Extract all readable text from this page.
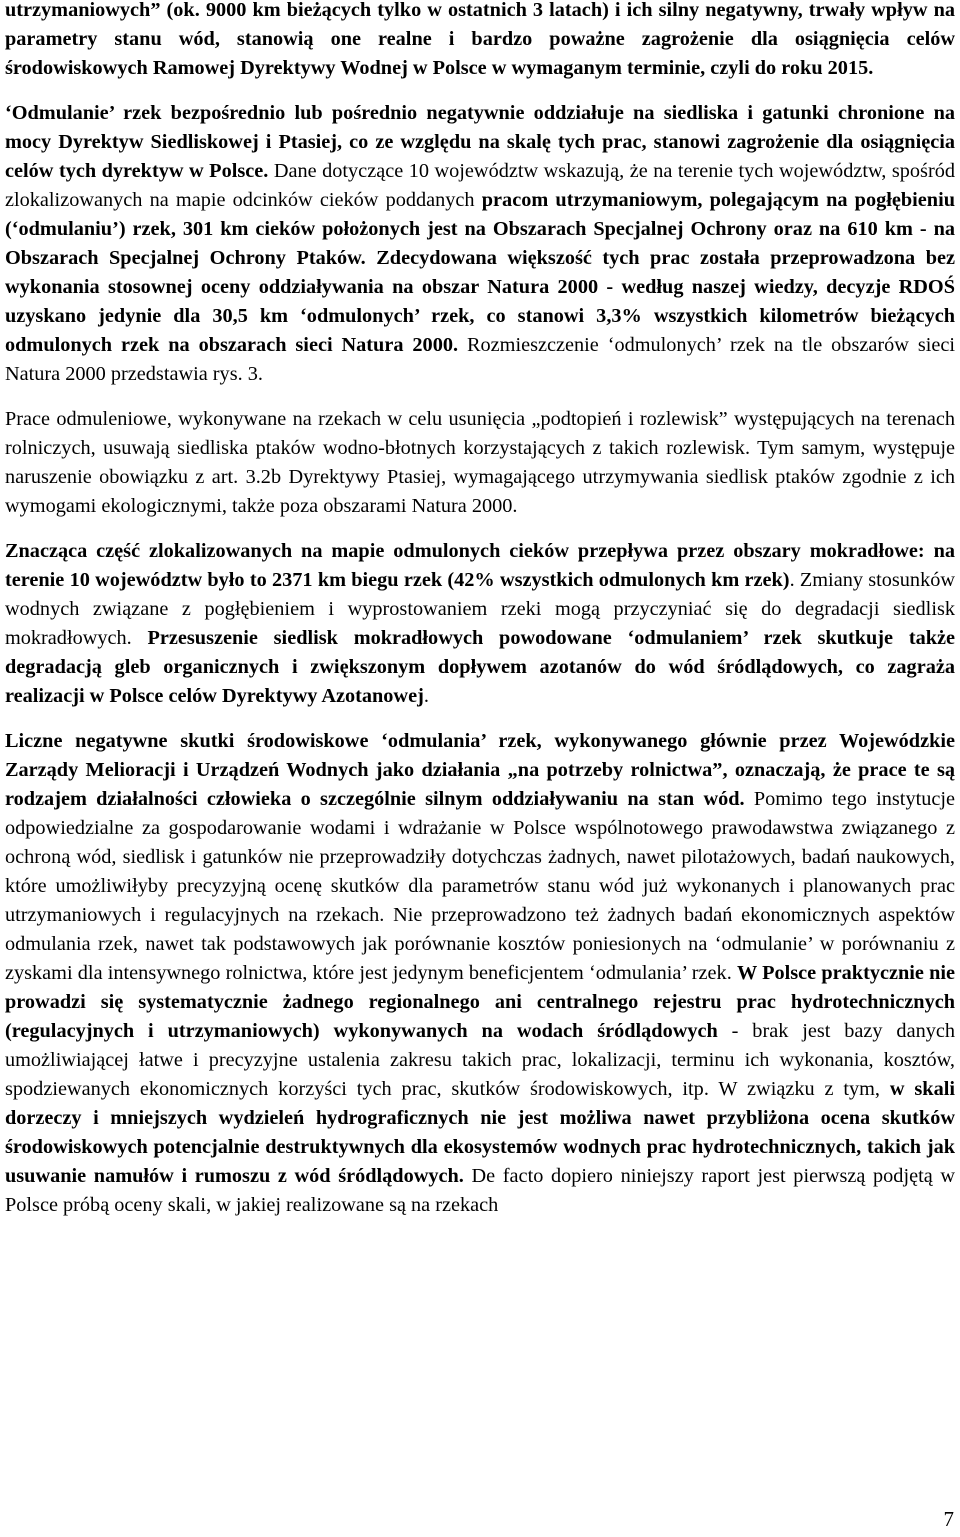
utrzymaniowych” (ok. 9000 km bieżących tylko w ostatnich 3 latach) i ich silny negatywny, trwały wpływ na parametry stanu wód, stanowią one realne i bardzo poważne zagrożenie dla osiągnięcia celów środowiskowych Ramowej Dyrektywy Wodnej w Polsce w wymaganym terminie, czyli do roku 2015.

‘Odmulanie’ rzek bezpośrednio lub pośrednio negatywnie oddziałuje na siedliska i gatunki chronione na mocy Dyrektyw Siedliskowej i Ptasiej, co ze względu na skalę tych prac, stanowi zagrożenie dla osiągnięcia celów tych dyrektyw w Polsce. Dane dotyczące 10 województw wskazują, że na terenie tych województw, spośród zlokalizowanych na mapie odcinków cieków poddanych pracom utrzymaniowym, polegającym na pogłębieniu (‘odmulaniu’) rzek, 301 km cieków położonych jest na Obszarach Specjalnej Ochrony oraz na 610 km - na Obszarach Specjalnej Ochrony Ptaków. Zdecydowana większość tych prac została przeprowadzona bez wykonania stosownej oceny oddziaływania na obszar Natura 2000 - według naszej wiedzy, decyzje RDOŚ uzyskano jedynie dla 30,5 km ‘odmulonych’ rzek, co stanowi 3,3% wszystkich kilometrów bieżących odmulonych rzek na obszarach sieci Natura 2000. Rozmieszczenie ‘odmulonych’ rzek na tle obszarów sieci Natura 2000 przedstawia rys. 3.

Prace odmuleniowe, wykonywane na rzekach w celu usunięcia „podtopień i rozlewisk” występujących na terenach rolniczych, usuwają siedliska ptaków wodno-błotnych korzystających z takich rozlewisk. Tym samym, występuje naruszenie obowiązku z art. 3.2b Dyrektywy Ptasiej, wymagającego utrzymywania siedlisk ptaków zgodnie z ich wymogami ekologicznymi, także poza obszarami Natura 2000.

Znacząca część zlokalizowanych na mapie odmulonych cieków przepływa przez obszary mokradłowe: na terenie 10 województw było to 2371 km biegu rzek (42% wszystkich odmulonych km rzek). Zmiany stosunków wodnych związane z pogłębieniem i wyprostowaniem rzeki mogą przyczyniać się do degradacji siedlisk mokradłowych. Przesuszenie siedlisk mokradłowych powodowane ‘odmulaniem’ rzek skutkuje także degradacją gleb organicznych i zwiększonym dopływem azotanów do wód śródlądowych, co zagraża realizacji w Polsce celów Dyrektywy Azotanowej.

Liczne negatywne skutki środowiskowe ‘odmulania’ rzek, wykonywanego głównie przez Wojewódzkie Zarządy Melioracji i Urządzeń Wodnych jako działania „na potrzeby rolnictwa”, oznaczają, że prace te są rodzajem działalności człowieka o szczególnie silnym oddziaływaniu na stan wód. Pomimo tego instytucje odpowiedzialne za gospodarowanie wodami i wdrażanie w Polsce wspólnotowego prawodawstwa związanego z ochroną wód, siedlisk i gatunków nie przeprowadziły dotychczas żadnych, nawet pilotażowych, badań naukowych, które umożliwiłyby precyzyjną ocenę skutków dla parametrów stanu wód już wykonanych i planowanych prac utrzymaniowych i regulacyjnych na rzekach. Nie przeprowadzono też żadnych badań ekonomicznych aspektów odmulania rzek, nawet tak podstawowych jak porównanie kosztów poniesionych na ‘odmulanie’ w porównaniu z zyskami dla intensywnego rolnictwa, które jest jedynym beneficjentem ‘odmulania’ rzek. W Polsce praktycznie nie prowadzi się systematycznie żadnego regionalnego ani centralnego rejestru prac hydrotechnicznych (regulacyjnych i utrzymaniowych) wykonywanych na wodach śródlądowych - brak jest bazy danych umożliwiającej łatwe i precyzyjne ustalenia zakresu takich prac, lokalizacji, terminu ich wykonania, kosztów, spodziewanych ekonomicznych korzyści tych prac, skutków środowiskowych, itp. W związku z tym, w skali dorzeczy i mniejszych wydzieleń hydrograficznych nie jest możliwa nawet przybliżona ocena skutków środowiskowych potencjalnie destruktywnych dla ekosystemów wodnych prac hydrotechnicznych, takich jak usuwanie namułów i rumoszu z wód śródlądowych. De facto dopiero niniejszy raport jest pierwszą podjętą w Polsce próbą oceny skali, w jakiej realizowane są na rzekach

7
